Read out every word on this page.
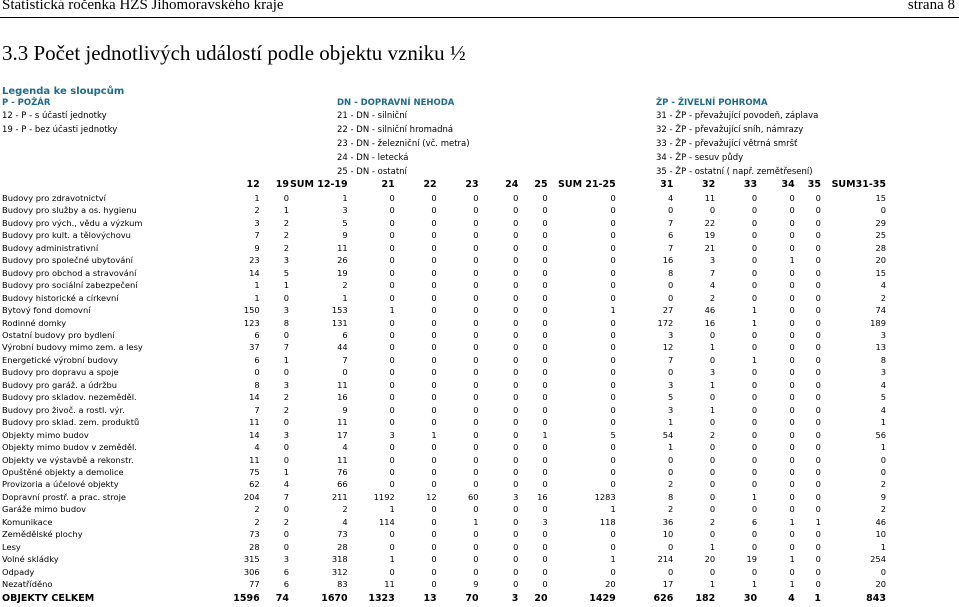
Statistická ročenka HZS Jihomoravského kraje	strana 8
3.3 Počet jednotlivých událostí podle objektu vzniku ½
Legenda ke sloupcům
P - POŽÁR
12 - P - s účastí jednotky
19 - P - bez účasti jednotky
DN - DOPRAVNÍ NEHODA
21 - DN - silniční
22 - DN - silniční hromadná
23 - DN - železniční (vč. metra)
24 - DN - letecká
25 - DN - ostatní
ŽP - ŽIVELNÍ POHROMA
31 - ŽP - převažující povodeň, záplava
32 - ŽP - převažující sníh, námrazy
33 - ŽP - převažující větrná smršť
34 - ŽP - sesuv půdy
35 - ŽP - ostatní ( např. zemětřesení)
	12	19	SUM 12-19	21	22	23	24	25	SUM 21-25	31	32	33	34	35	SUM31-35
Budovy pro zdravotnictví	1	0	1	0	0	0	0	0	0	4	11	0	0	0	15
Budovy pro služby a os. hygienu	2	1	3	0	0	0	0	0	0	0	0	0	0	0	0
Budovy pro vých., vědu a výzkum	3	2	5	0	0	0	0	0	0	7	22	0	0	0	29
Budovy pro kult. a tělovýchovu	7	2	9	0	0	0	0	0	0	6	19	0	0	0	25
Budovy administrativní	9	2	11	0	0	0	0	0	0	7	21	0	0	0	28
Budovy pro společné ubytování	23	3	26	0	0	0	0	0	0	16	3	0	1	0	20
Budovy pro obchod a stravování	14	5	19	0	0	0	0	0	0	8	7	0	0	0	15
Budovy pro sociální zabezpečení	1	1	2	0	0	0	0	0	0	0	4	0	0	0	4
Budovy historické a církevní	1	0	1	0	0	0	0	0	0	0	2	0	0	0	2
Bytový fond domovní	150	3	153	1	0	0	0	0	1	27	46	1	0	0	74
Rodinné domky	123	8	131	0	0	0	0	0	0	172	16	1	0	0	189
Ostatní budovy pro bydlení	6	0	6	0	0	0	0	0	0	3	0	0	0	0	3
Výrobní budovy mimo zem. a lesy	37	7	44	0	0	0	0	0	0	12	1	0	0	0	13
Energetické výrobní budovy	6	1	7	0	0	0	0	0	0	7	0	1	0	0	8
Budovy pro dopravu a spoje	0	0	0	0	0	0	0	0	0	0	3	0	0	0	3
Budovy pro garáž. a údržbu	8	3	11	0	0	0	0	0	0	3	1	0	0	0	4
Budovy pro skladov. nezeměděl.	14	2	16	0	0	0	0	0	0	5	0	0	0	0	5
Budovy pro živoč. a rostl. výr.	7	2	9	0	0	0	0	0	0	3	1	0	0	0	4
Budovy pro sklad. zem. produktů	11	0	11	0	0	0	0	0	0	1	0	0	0	0	1
Objekty mimo budov	14	3	17	3	1	0	0	1	5	54	2	0	0	0	56
Objekty mimo budov v zeměděl.	4	0	4	0	0	0	0	0	0	1	0	0	0	0	1
Objekty ve výstavbě a rekonstr.	11	0	11	0	0	0	0	0	0	0	0	0	0	0	0
Opuštěné objekty a demolice	75	1	76	0	0	0	0	0	0	0	0	0	0	0	0
Provizoria a účelové objekty	62	4	66	0	0	0	0	0	0	2	0	0	0	0	2
Dopravní prostř. a prac. stroje	204	7	211	1192	12	60	3	16	1283	8	0	1	0	0	9
Garáže mimo budov	2	0	2	1	0	0	0	0	1	2	0	0	0	0	2
Komunikace	2	2	4	114	0	1	0	3	118	36	2	6	1	1	46
Zemědělské plochy	73	0	73	0	0	0	0	0	0	10	0	0	0	0	10
Lesy	28	0	28	0	0	0	0	0	0	0	1	0	0	0	1
Volné skládky	315	3	318	1	0	0	0	0	1	214	20	19	1	0	254
Odpady	306	6	312	0	0	0	0	0	0	0	0	0	0	0	0
Nezatříděno	77	6	83	11	0	9	0	0	20	17	1	1	1	0	20
OBJEKTY CELKEM	1596	74	1670	1323	13	70	3	20	1429	626	182	30	4	1	843
